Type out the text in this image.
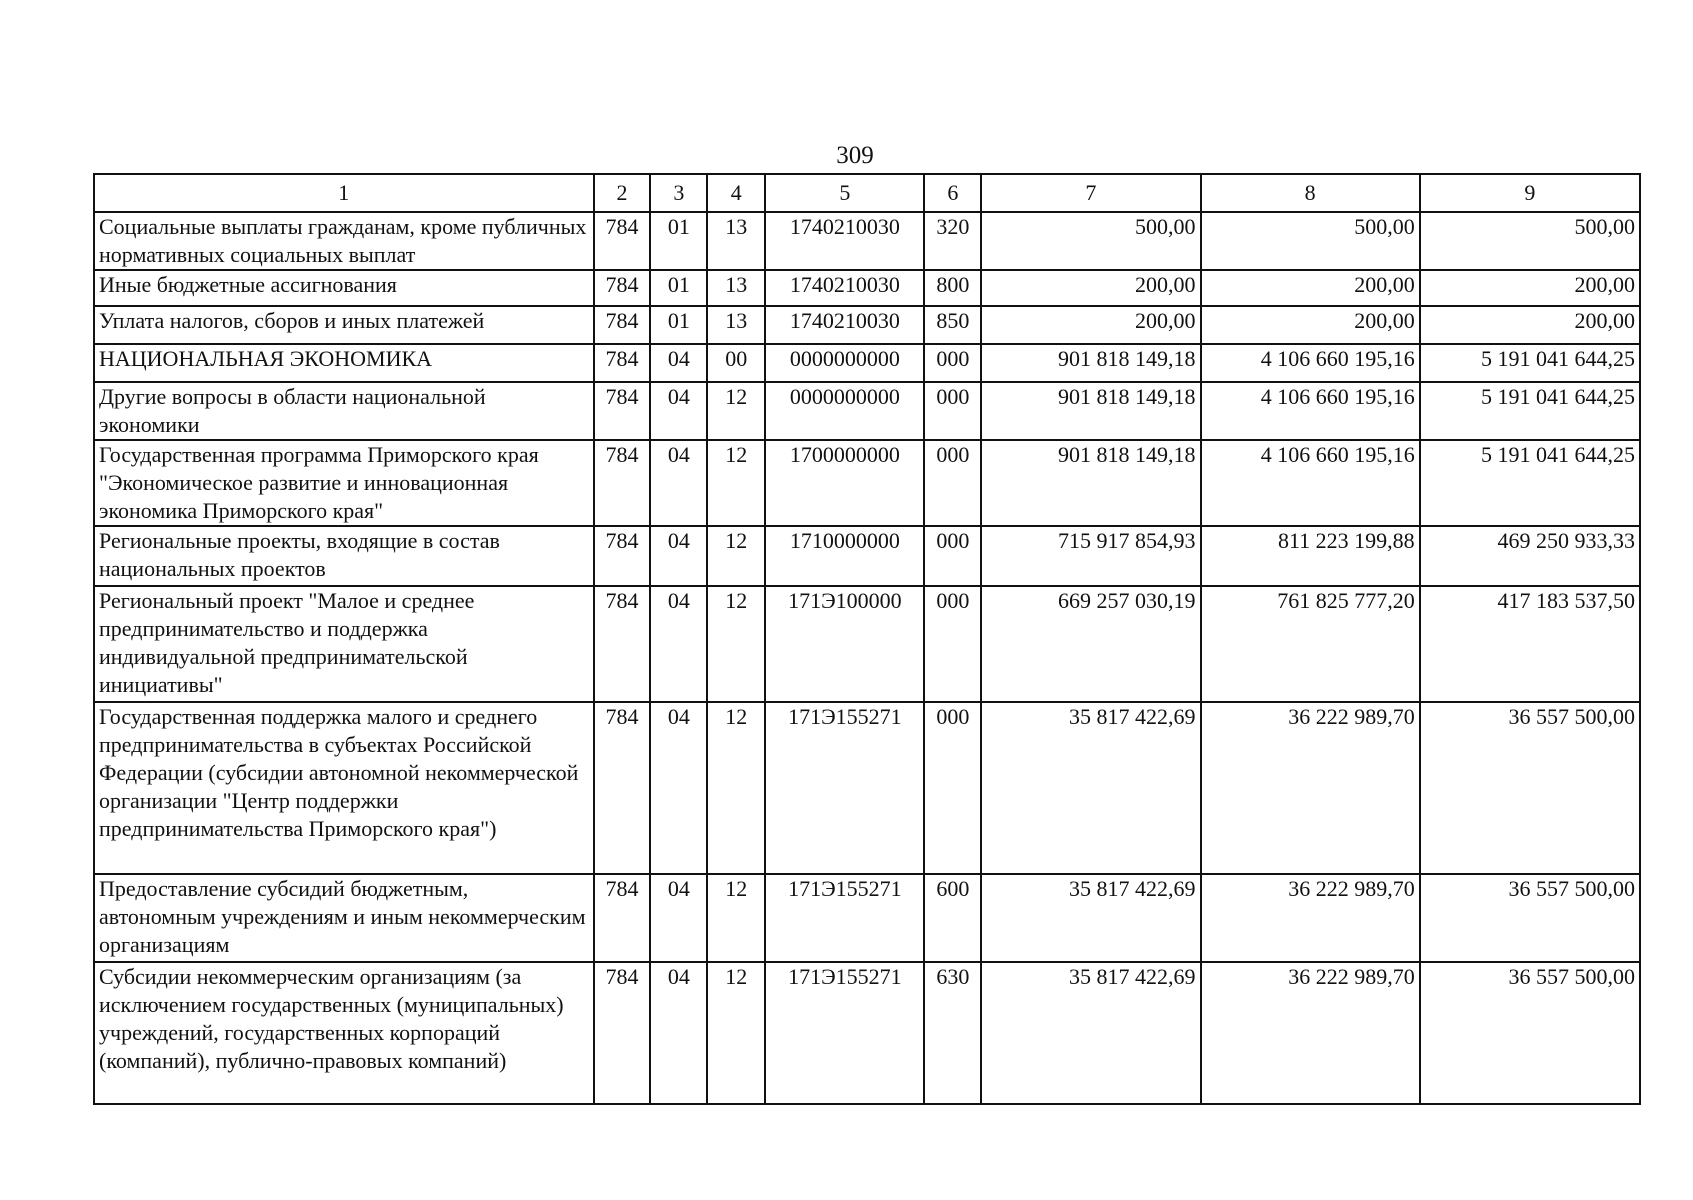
309
1	2	3	4	5	6	7	8	9
Социальные выплаты гражданам, кроме публичных нормативных социальных выплат	784	01	13	1740210030	320	500,00	500,00	500,00
Иные бюджетные ассигнования	784	01	13	1740210030	800	200,00	200,00	200,00
Уплата налогов, сборов и иных платежей	784	01	13	1740210030	850	200,00	200,00	200,00
НАЦИОНАЛЬНАЯ ЭКОНОМИКА	784	04	00	0000000000	000	901 818 149,18	4 106 660 195,16	5 191 041 644,25
Другие вопросы в области национальной экономики	784	04	12	0000000000	000	901 818 149,18	4 106 660 195,16	5 191 041 644,25
Государственная программа Приморского края "Экономическое развитие и инновационная экономика Приморского края"	784	04	12	1700000000	000	901 818 149,18	4 106 660 195,16	5 191 041 644,25
Региональные проекты, входящие в состав национальных проектов	784	04	12	1710000000	000	715 917 854,93	811 223 199,88	469 250 933,33
Региональный проект "Малое и среднее предпринимательство и поддержка индивидуальной предпринимательской инициативы"	784	04	12	171Э100000	000	669 257 030,19	761 825 777,20	417 183 537,50
Государственная поддержка малого и среднего предпринимательства в субъектах Российской Федерации (субсидии автономной некоммерческой организации "Центр поддержки предпринимательства Приморского края")	784	04	12	171Э155271	000	35 817 422,69	36 222 989,70	36 557 500,00
Предоставление субсидий бюджетным, автономным учреждениям и иным некоммерческим организациям	784	04	12	171Э155271	600	35 817 422,69	36 222 989,70	36 557 500,00
Субсидии некоммерческим организациям (за исключением государственных (муниципальных) учреждений, государственных корпораций (компаний), публично-правовых компаний)	784	04	12	171Э155271	630	35 817 422,69	36 222 989,70	36 557 500,00
